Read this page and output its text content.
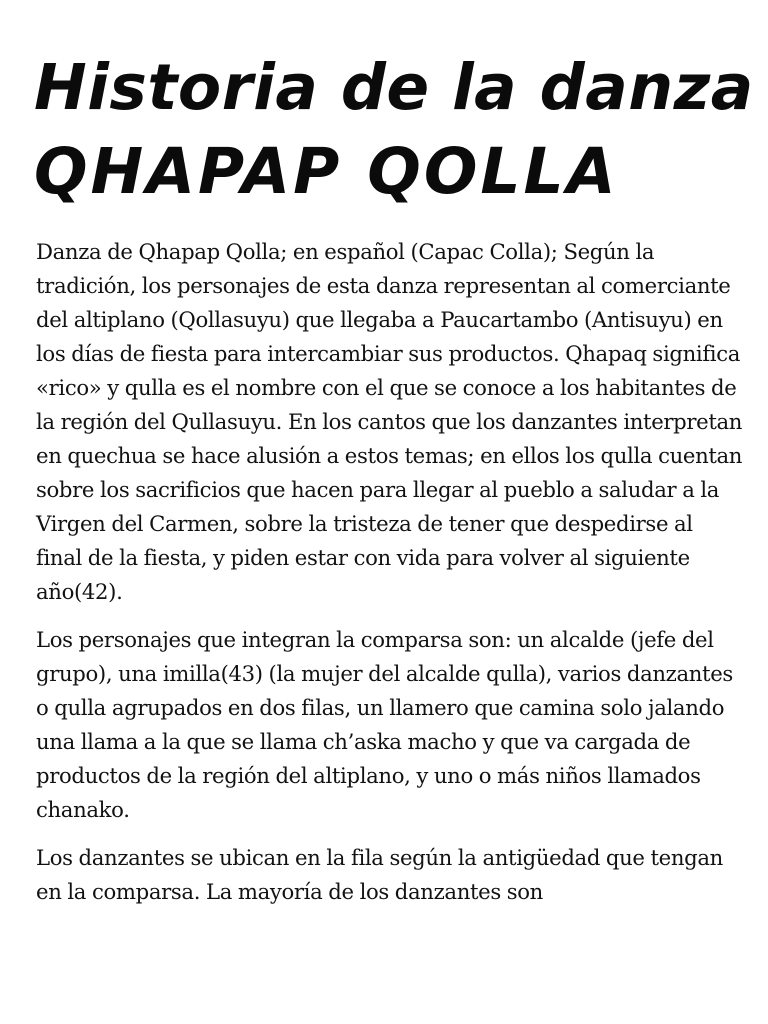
Historia de la danza
QHAPAP QOLLA

Danza de Qhapap Qolla; en español (Capac Colla); Según la tradición, los personajes de esta danza representan al comerciante del altiplano (Qollasuyu) que llegaba a Paucartambo (Antisuyu) en los días de fiesta para intercambiar sus productos. Qhapaq significa «rico» y qulla es el nombre con el que se conoce a los habitantes de la región del Qullasuyu. En los cantos que los danzantes interpretan en quechua se hace alusión a estos temas; en ellos los qulla cuentan sobre los sacrificios que hacen para llegar al pueblo a saludar a la Virgen del Carmen, sobre la tristeza de tener que despedirse al final de la fiesta, y piden estar con vida para volver al siguiente año(42).

Los personajes que integran la comparsa son: un alcalde (jefe del grupo), una imilla(43) (la mujer del alcalde qulla), varios danzantes o qulla agrupados en dos filas, un llamero que camina solo jalando una llama a la que se llama ch’aska macho y que va cargada de productos de la región del altiplano, y uno o más niños llamados chanako.

Los danzantes se ubican en la fila según la antigüedad que tengan en la comparsa. La mayoría de los danzantes son
